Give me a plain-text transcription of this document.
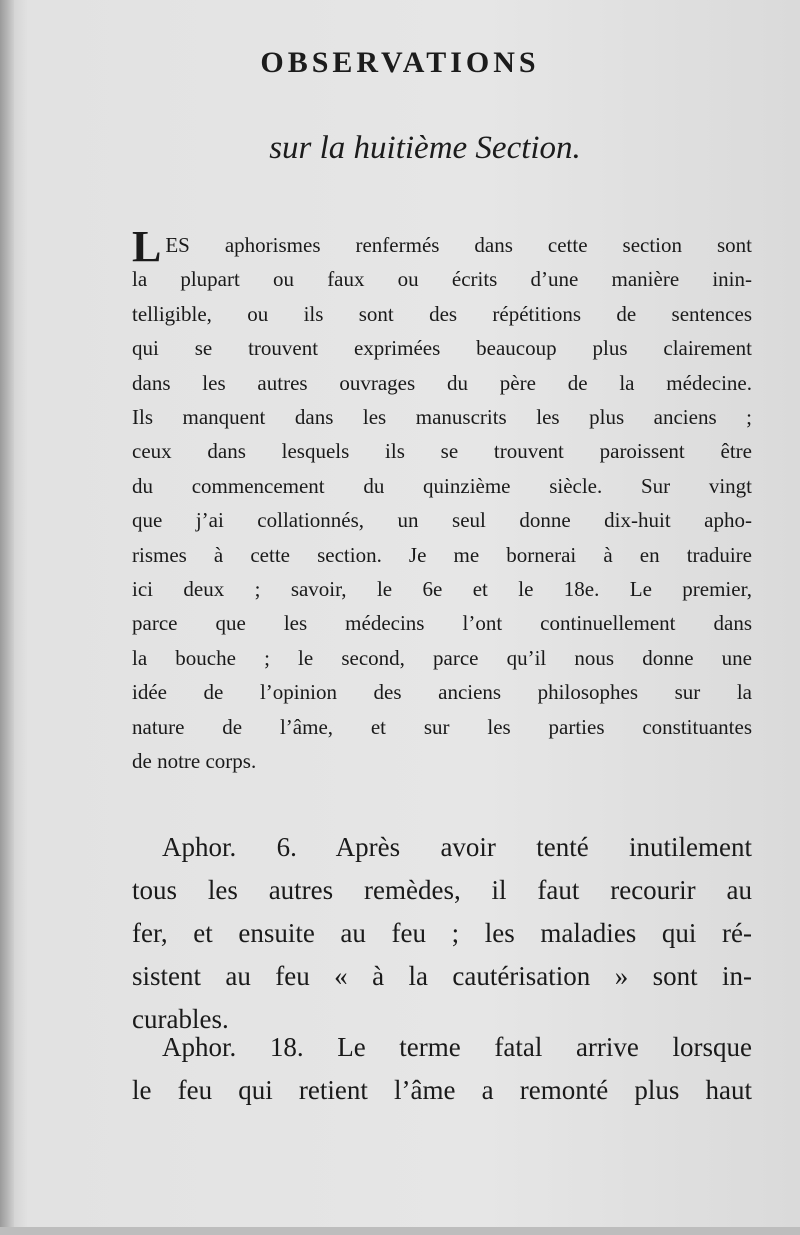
OBSERVATIONS
sur la huitième Section.
L ES aphorismes renfermés dans cette section sont
la plupart ou faux ou écrits d’une manière inin-
telligible, ou ils sont des répétitions de sentences
qui se trouvent exprimées beaucoup plus clairement
dans les autres ouvrages du père de la médecine.
Ils manquent dans les manuscrits les plus anciens ;
ceux dans lesquels ils se trouvent paroissent être
du commencement du quinzième siècle. Sur vingt
que j’ai collationnés, un seul donne dix-huit apho-
rismes à cette section. Je me bornerai à en traduire
ici deux ; savoir, le 6e et le 18e. Le premier,
parce que les médecins l’ont continuellement dans
la bouche ; le second, parce qu’il nous donne une
idée de l’opinion des anciens philosophes sur la
nature de l’âme, et sur les parties constituantes
de notre corps.
Aphor. 6. Après avoir tenté inutilement
tous les autres remèdes, il faut recourir au
fer, et ensuite au feu ; les maladies qui ré-
sistent au feu « à la cautérisation » sont in-
curables.
Aphor. 18. Le terme fatal arrive lorsque
le feu qui retient l’âme a remonté plus haut
